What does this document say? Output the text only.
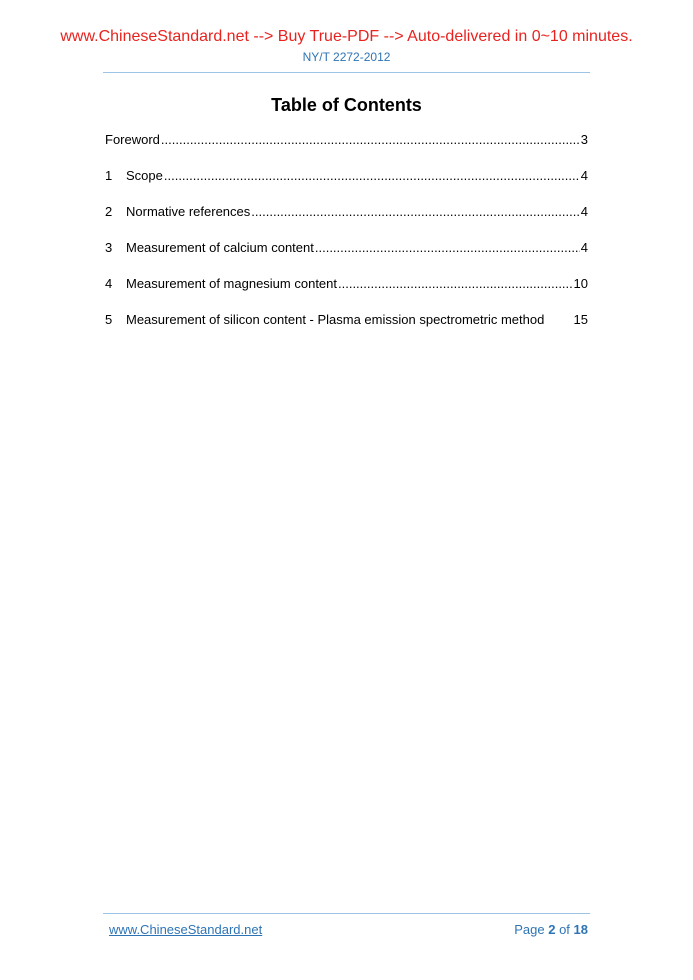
www.ChineseStandard.net --> Buy True-PDF --> Auto-delivered in 0~10 minutes.
NY/T 2272-2012
Table of Contents
Foreword .....	3
1	Scope .....	4
2	Normative references .....	4
3	Measurement of calcium content .....	4
4	Measurement of magnesium content .....	10
5	Measurement of silicon content - Plasma emission spectrometric method 15
www.ChineseStandard.net	Page 2 of 18
